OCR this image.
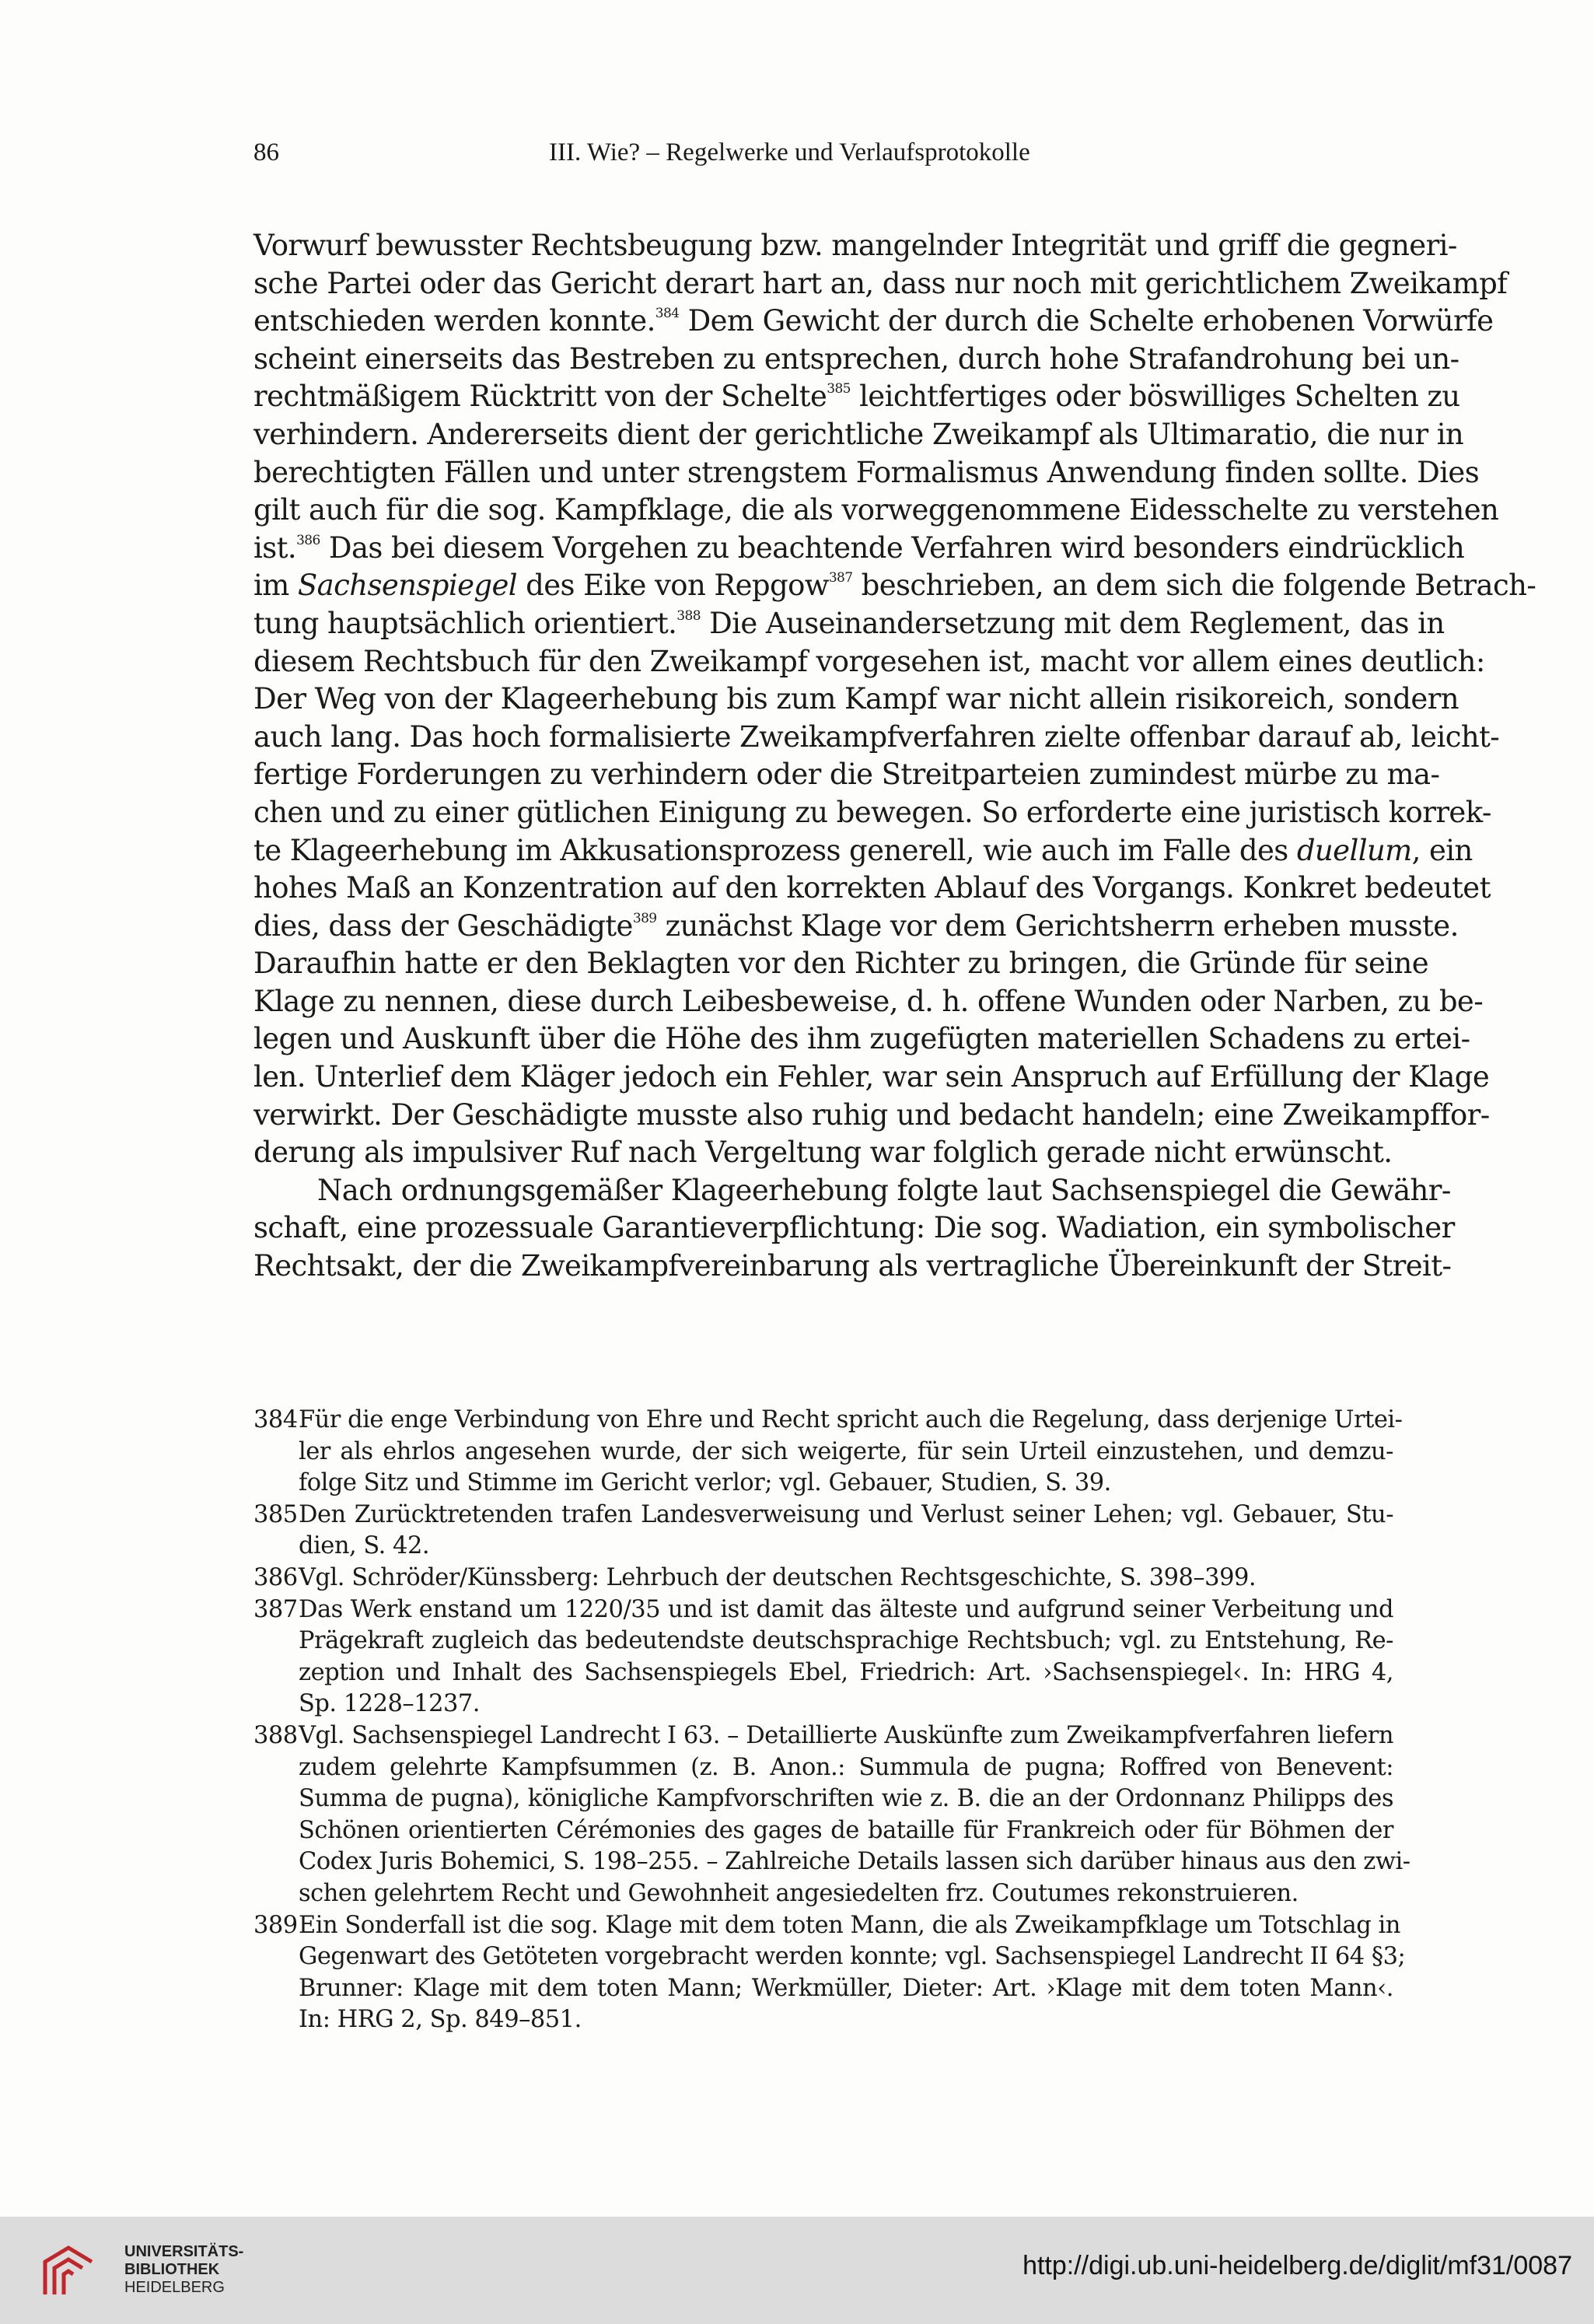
86	III. Wie? – Regelwerke und Verlaufsprotokolle
Vorwurf bewusster Rechtsbeugung bzw. mangelnder Integrität und griff die gegneri-
sche Partei oder das Gericht derart hart an, dass nur noch mit gerichtlichem Zweikampf
entschieden werden konnte.$^{384}$ Dem Gewicht der durch die Schelte erhobenen Vorwürfe
scheint einerseits das Bestreben zu entsprechen, durch hohe Strafandrohung bei un-
rechtmäßigem Rücktritt von der Schelte$^{385}$ leichtfertiges oder böswilliges Schelten zu
verhindern. Andererseits dient der gerichtliche Zweikampf als Ultimaratio, die nur in
berechtigten Fällen und unter strengstem Formalismus Anwendung finden sollte. Dies
gilt auch für die sog. Kampfklage, die als vorweggenommene Eidesschelte zu verstehen
ist.$^{386}$ Das bei diesem Vorgehen zu beachtende Verfahren wird besonders eindrücklich
im Sachsenspiegel des Eike von Repgow$^{387}$ beschrieben, an dem sich die folgende Betrach-
tung hauptsächlich orientiert.$^{388}$ Die Auseinandersetzung mit dem Reglement, das in
diesem Rechtsbuch für den Zweikampf vorgesehen ist, macht vor allem eines deutlich:
Der Weg von der Klageerhebung bis zum Kampf war nicht allein risikoreich, sondern
auch lang. Das hoch formalisierte Zweikampfverfahren zielte offenbar darauf ab, leicht-
fertige Forderungen zu verhindern oder die Streitparteien zumindest mürbe zu ma-
chen und zu einer gütlichen Einigung zu bewegen. So erforderte eine juristisch korrek-
te Klageerhebung im Akkusationsprozess generell, wie auch im Falle des duellum, ein
hohes Maß an Konzentration auf den korrekten Ablauf des Vorgangs. Konkret bedeutet
dies, dass der Geschädigte$^{389}$ zunächst Klage vor dem Gerichtsherrn erheben musste.
Daraufhin hatte er den Beklagten vor den Richter zu bringen, die Gründe für seine
Klage zu nennen, diese durch Leibesbeweise, d. h. offene Wunden oder Narben, zu be-
legen und Auskunft über die Höhe des ihm zugefügten materiellen Schadens zu ertei-
len. Unterlief dem Kläger jedoch ein Fehler, war sein Anspruch auf Erfüllung der Klage
verwirkt. Der Geschädigte musste also ruhig und bedacht handeln; eine Zweikampffor-
derung als impulsiver Ruf nach Vergeltung war folglich gerade nicht erwünscht.
Nach ordnungsgemäßer Klageerhebung folgte laut Sachsenspiegel die Gewähr-
schaft, eine prozessuale Garantieverpflichtung: Die sog. Wadiation, ein symbolischer
Rechtsakt, der die Zweikampfvereinbarung als vertragliche Übereinkunft der Streit-
384Für die enge Verbindung von Ehre und Recht spricht auch die Regelung, dass derjenige Urtei-
ler als ehrlos angesehen wurde, der sich weigerte, für sein Urteil einzustehen, und demzu-
folge Sitz und Stimme im Gericht verlor; vgl. Gebauer, Studien, S. 39.
385Den Zurücktretenden trafen Landesverweisung und Verlust seiner Lehen; vgl. Gebauer, Stu-
dien, S. 42.
386Vgl. Schröder/Künssberg: Lehrbuch der deutschen Rechtsgeschichte, S. 398–399.
387Das Werk enstand um 1220/35 und ist damit das älteste und aufgrund seiner Verbeitung und
Prägekraft zugleich das bedeutendste deutschsprachige Rechtsbuch; vgl. zu Entstehung, Re-
zeption und Inhalt des Sachsenspiegels Ebel, Friedrich: Art. ›Sachsenspiegel‹. In: HRG 4,
Sp. 1228–1237.
388Vgl. Sachsenspiegel Landrecht I 63. – Detaillierte Auskünfte zum Zweikampfverfahren liefern
zudem gelehrte Kampfsummen (z. B. Anon.: Summula de pugna; Roffred von Benevent:
Summa de pugna), königliche Kampfvorschriften wie z. B. die an der Ordonnanz Philipps des
Schönen orientierten Cérémonies des gages de bataille für Frankreich oder für Böhmen der
Codex Juris Bohemici, S. 198–255. – Zahlreiche Details lassen sich darüber hinaus aus den zwi-
schen gelehrtem Recht und Gewohnheit angesiedelten frz. Coutumes rekonstruieren.
389Ein Sonderfall ist die sog. Klage mit dem toten Mann, die als Zweikampfklage um Totschlag in
Gegenwart des Getöteten vorgebracht werden konnte; vgl. Sachsenspiegel Landrecht II 64 §3;
Brunner: Klage mit dem toten Mann; Werkmüller, Dieter: Art. ›Klage mit dem toten Mann‹.
In: HRG 2, Sp. 849–851.
UNIVERSITÄTS-
BIBLIOTHEK
HEIDELBERG
http://digi.ub.uni-heidelberg.de/diglit/mf31/0087
